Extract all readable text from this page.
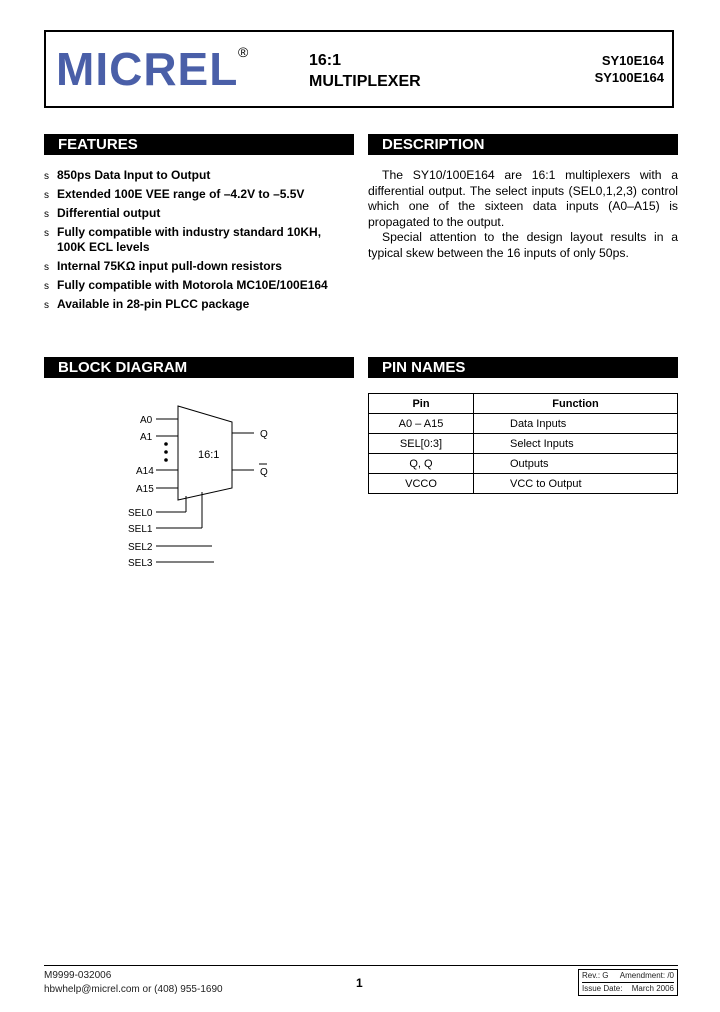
MICREL ®	16:1
MULTIPLEXER
SY10E164
SY100E164
FEATURES
s 850ps Data Input to Output
s Extended 100E VEE range of –4.2V to –5.5V
s Differential output
s Fully compatible with industry standard 10KH, 100K ECL levels
s Internal 75KΩ input pull-down resistors
s Fully compatible with Motorola MC10E/100E164
s Available in 28-pin PLCC package
DESCRIPTION

The SY10/100E164 are 16:1 multiplexers with a differential output. The select inputs (SEL0,1,2,3) control which one of the sixteen data inputs (A0–A15) is propagated to the output.

Special attention to the design layout results in a typical skew between the 16 inputs of only 50ps.

BLOCK DIAGRAM
16:1
A0
A1
A14
A15
Q
Q
SEL0
SEL1
SEL2
SEL3
PIN NAMES
Pin	Function
A0 – A15	Data Inputs
SEL[0:3]	Select Inputs
Q, Q	Outputs
VCCO	VCC to Output
M9999-032006
hbwhelp@micrel.com or (408) 955-1690	1
Rev.: G Amendment: /0
Issue Date: March 2006
